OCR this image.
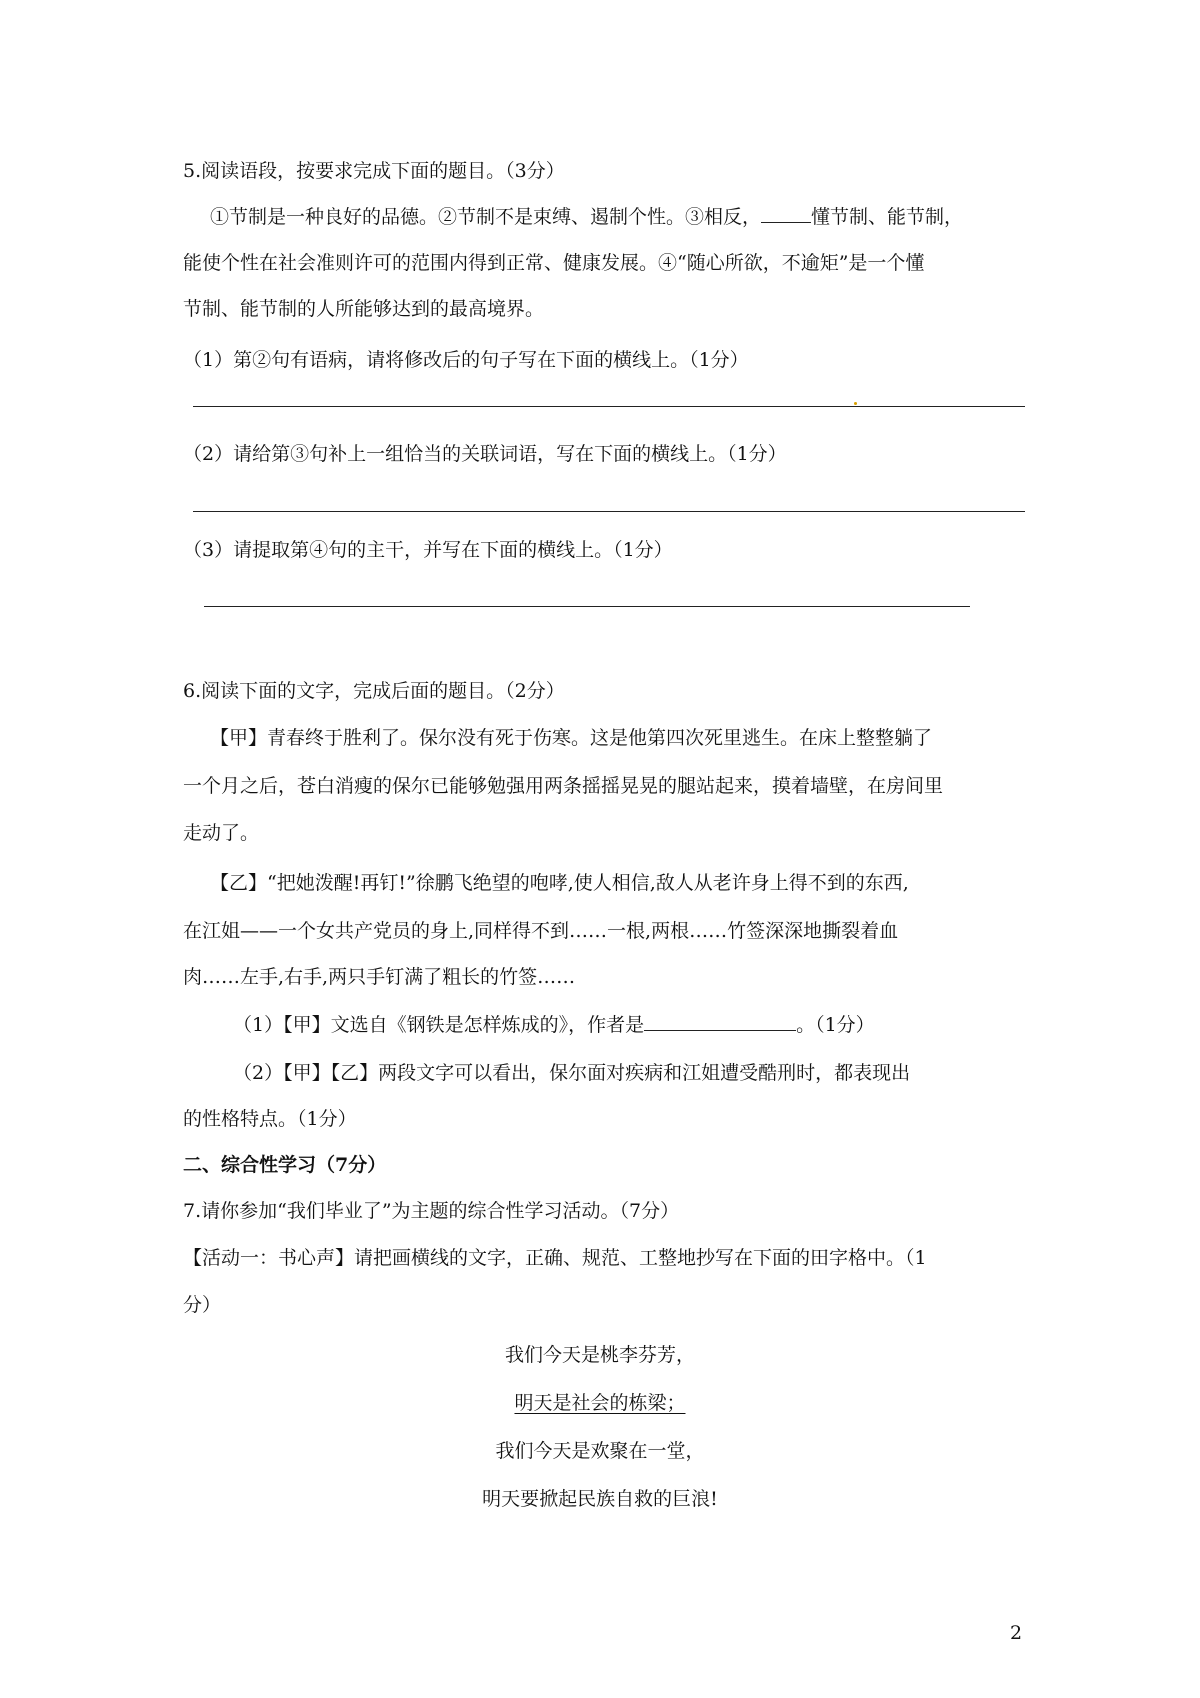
5.阅读语段，按要求完成下面的题目。（3分）
①节制是一种良好的品德。②节制不是束缚、遏制个性。③相反，	懂节制、能节制，
能使个性在社会准则许可的范围内得到正常、健康发展。④“随心所欲，不逾矩”是一个懂
节制、能节制的人所能够达到的最高境界。
（1）第②句有语病，请将修改后的句子写在下面的横线上。（1分）
（2）请给第③句补上一组恰当的关联词语，写在下面的横线上。（1分）
（3）请提取第④句的主干，并写在下面的横线上。（1分）
6.阅读下面的文字，完成后面的题目。（2分）
【甲】青春终于胜利了。保尔没有死于伤寒。这是他第四次死里逃生。在床上整整躺了
一个月之后，苍白消瘦的保尔已能够勉强用两条摇摇晃晃的腿站起来，摸着墙壁，在房间里
走动了。
【乙】“把她泼醒!再钉!”徐鹏飞绝望的咆哮,使人相信,敌人从老许身上得不到的东西,
在江姐——一个女共产党员的身上,同样得不到……一根,两根……竹签深深地撕裂着血
肉……左手,右手,两只手钉满了粗长的竹签……
（1）【甲】文选自《钢铁是怎样炼成的》，作者是	。（1分）
（2）【甲】【乙】两段文字可以看出，保尔面对疾病和江姐遭受酷刑时，都表现出
的性格特点。（1分）
二、综合性学习（7分）
7.请你参加“我们毕业了”为主题的综合性学习活动。（7分）
【活动一：书心声】请把画横线的文字，正确、规范、工整地抄写在下面的田字格中。（1
分）
我们今天是桃李芬芳，
明天是社会的栋梁；
我们今天是欢聚在一堂，
明天要掀起民族自救的巨浪!
2
